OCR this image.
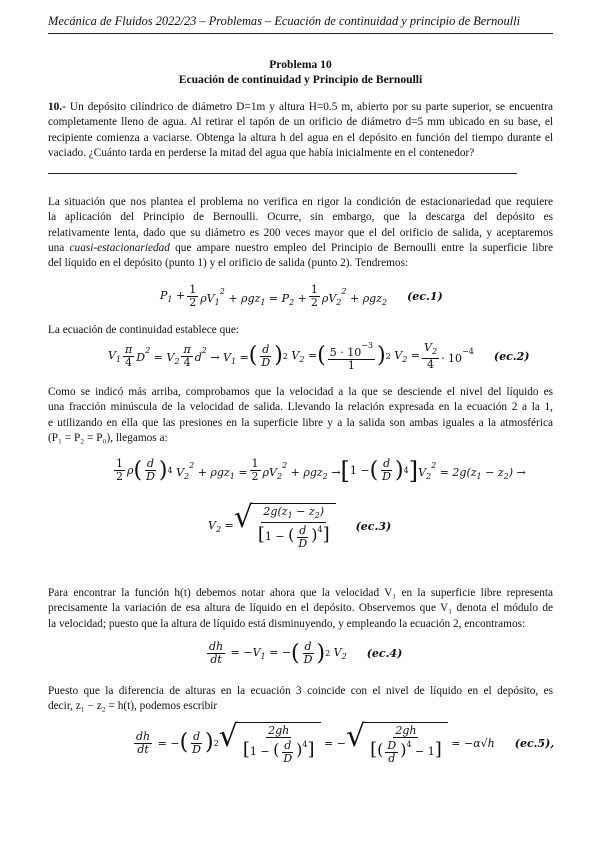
Mecánica de Fluidos 2022/23 – Problemas – Ecuación de continuidad y principio de Bernoulli
Problema 10
Ecuación de continuidad y Principio de Bernoulli
10.- Un depósito cilíndrico de diámetro D=1m y altura H=0.5 m, abierto por su parte superior, se encuentra
completamente lleno de agua. Al retirar el tapón de un orificio de diámetro d=5 mm ubicado en su base, el
recipiente comienza a vaciarse. Obtenga la altura h del agua en el depósito en función del tiempo durante el
vaciado. ¿Cuánto tarda en perderse la mitad del agua que había inicialmente en el contenedor?
La situación que nos plantea el problema no verifica en rigor la condición de estacionariedad que requiere
la aplicación del Principio de Bernoulli. Ocurre, sin embargo, que la descarga del depósito es
relativamente lenta, dado que su diámetro es 200 veces mayor que el del orificio de salida, y aceptaremos
una cuasi-estacionariedad que ampare nuestro empleo del Principio de Bernoulli entre la superficie libre
del líquido en el depósito (punto 1) y el orificio de salida (punto 2). Tendremos:
$P_1 + \frac{1}{2} \rho V_1^2 + \rho gz_1 = P_2 + \frac{1}{2} \rho V_2^2 + \rho gz_2$ (ec.1)
La ecuación de continuidad establece que:
$V_1 \frac{\pi}{4} D^2 = V_2 \frac{\pi}{4} d^2 \to V_1$ = ( $\frac{d}{D}$ ) 2 $V_2$ = ( $\frac{5 \cdot 10^{-3}}{1}$ ) 2 $V_2 = \frac{V_2}{4} \cdot 10^{-4}$ (ec.2)
Como se indicó más arriba, comprobamos que la velocidad a la que se desciende el nivel del líquido es
una fracción minúscula de la velocidad de salida. Llevando la relación expresada en la ecuación 2 a la 1,
e utilizando en ella que las presiones en la superficie libre y a la salida son ambas iguales a la atmosférica
(P₁ = P₂ = P₀), llegamos a:
$\frac{1}{2}$ ρ ( $\frac{d}{D}$ ) 4 $V_2^2 + \rho gz_1 = \frac{1}{2} \rho V_2^2 + \rho gz_2$ → [ 1 − ( $\frac{d}{D}$ ) 4 ] $V_2^2 = 2g(z_1 - z_2)$ →
$V_2$ = √ $\frac{2g(z_1 - z_2)}{[1 - ( \frac{d}{D} )^4]} (ec.3)$
Para encontrar la función h(t) debemos notar ahora que la velocidad V₁ en la superficie libre representa
precisamente la variación de esa altura de líquido en el depósito. Observemos que V₁ denota el módulo de
la velocidad; puesto que la altura de líquido está disminuyendo, y empleando la ecuación 2, encontramos:
$\frac{dh}{dt} = -V_1$ = − ( $\frac{d}{D}$ ) 2 $V_2$ (ec.4)
Puesto que la diferencia de alturas en la ecuación 3 coincide con el nivel de líquido en el depósito, es
decir, z₁ − z₂ = h(t), podemos escribir
$\frac{dh}{dt}$ = − ( $\frac{d}{D}$ ) 2 √ $\frac{2gh}{[1 - ( \frac{d}{D} )^4]}$ = − √ $\frac{2gh}{[( \frac{D}{d} )^4 - 1]} = -\alpha√h$ (ec.5),
